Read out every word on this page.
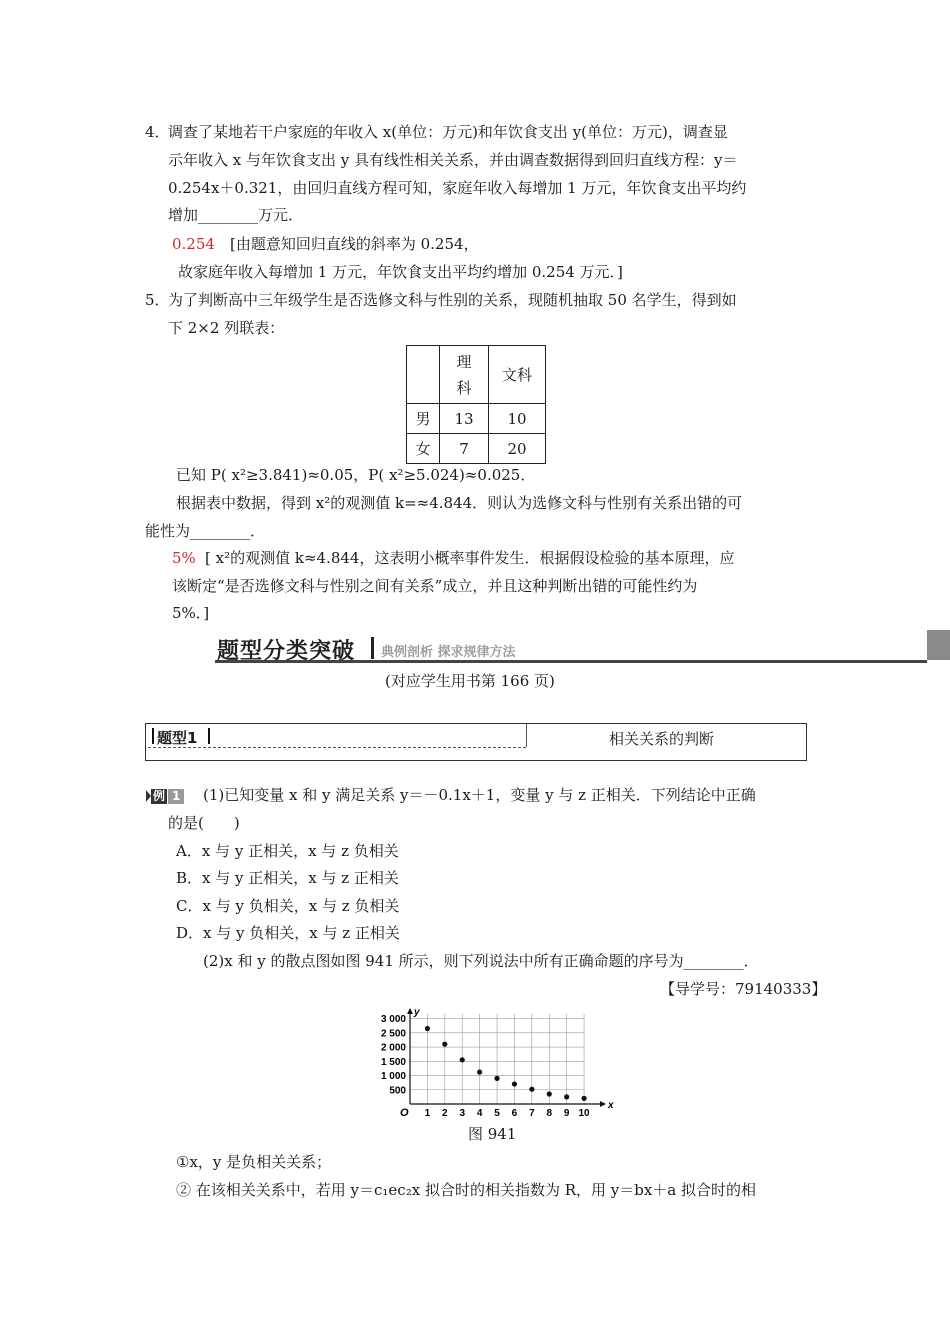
4．
调查了某地若干户家庭的年收入 x(单位：万元)和年饮食支出 y(单位：万元)，调查显
示年收入 x 与年饮食支出 y 具有线性相关关系，并由调查数据得到回归直线方程：y＝
0.254x＋0.321，由回归直线方程可知，家庭年收入每增加 1 万元，年饮食支出平均约
增加________万元．
0.254 [由题意知回归直线的斜率为 0.254，
故家庭年收入每增加 1 万元，年饮食支出平均约增加 0.254 万元．]
5．
为了判断高中三年级学生是否选修文科与性别的关系，现随机抽取 50 名学生，得到如
下 2×2 列联表：
	理
科	文科
男	13	10
女	7	20
已知 P( x²≥3.841)≈0.05，P( x²≥5.024)≈0.025．
根据表中数据，得到 x²的观测值 k=≈4.844．则认为选修文科与性别有关系出错的可
能性为________．
5% [ x²的观测值 k≈4.844，这表明小概率事件发生．根据假设检验的基本原理，应
该断定“是否选修文科与性别之间有关系”成立，并且这种判断出错的可能性约为
5%．]
题型分类突破 典例剖析 探求规律方法
(对应学生用书第 166 页)
题型1	相关关系的判断
例 1 (1)已知变量 x 和 y 满足关系 y＝－0.1x＋1，变量 y 与 z 正相关．下列结论中正确
的是(　　)
A．x 与 y 正相关，x 与 z 负相关
B．x 与 y 正相关，x 与 z 正相关
C．x 与 y 负相关，x 与 z 负相关
D．x 与 y 负相关，x 与 z 正相关
(2)x 和 y 的散点图如图 941 所示，则下列说法中所有正确命题的序号为________．
【导学号：79140333】
x
y
O 1 2 3 4 5 6 7 8 9 10
500
1 000
1 500
2 000
2 500
3 000
图 941
①x，y 是负相关关系；
② 在该相关关系中，若用 y＝c₁ec₂x 拟合时的相关指数为 R，用 y＝bx＋a 拟合时的相
